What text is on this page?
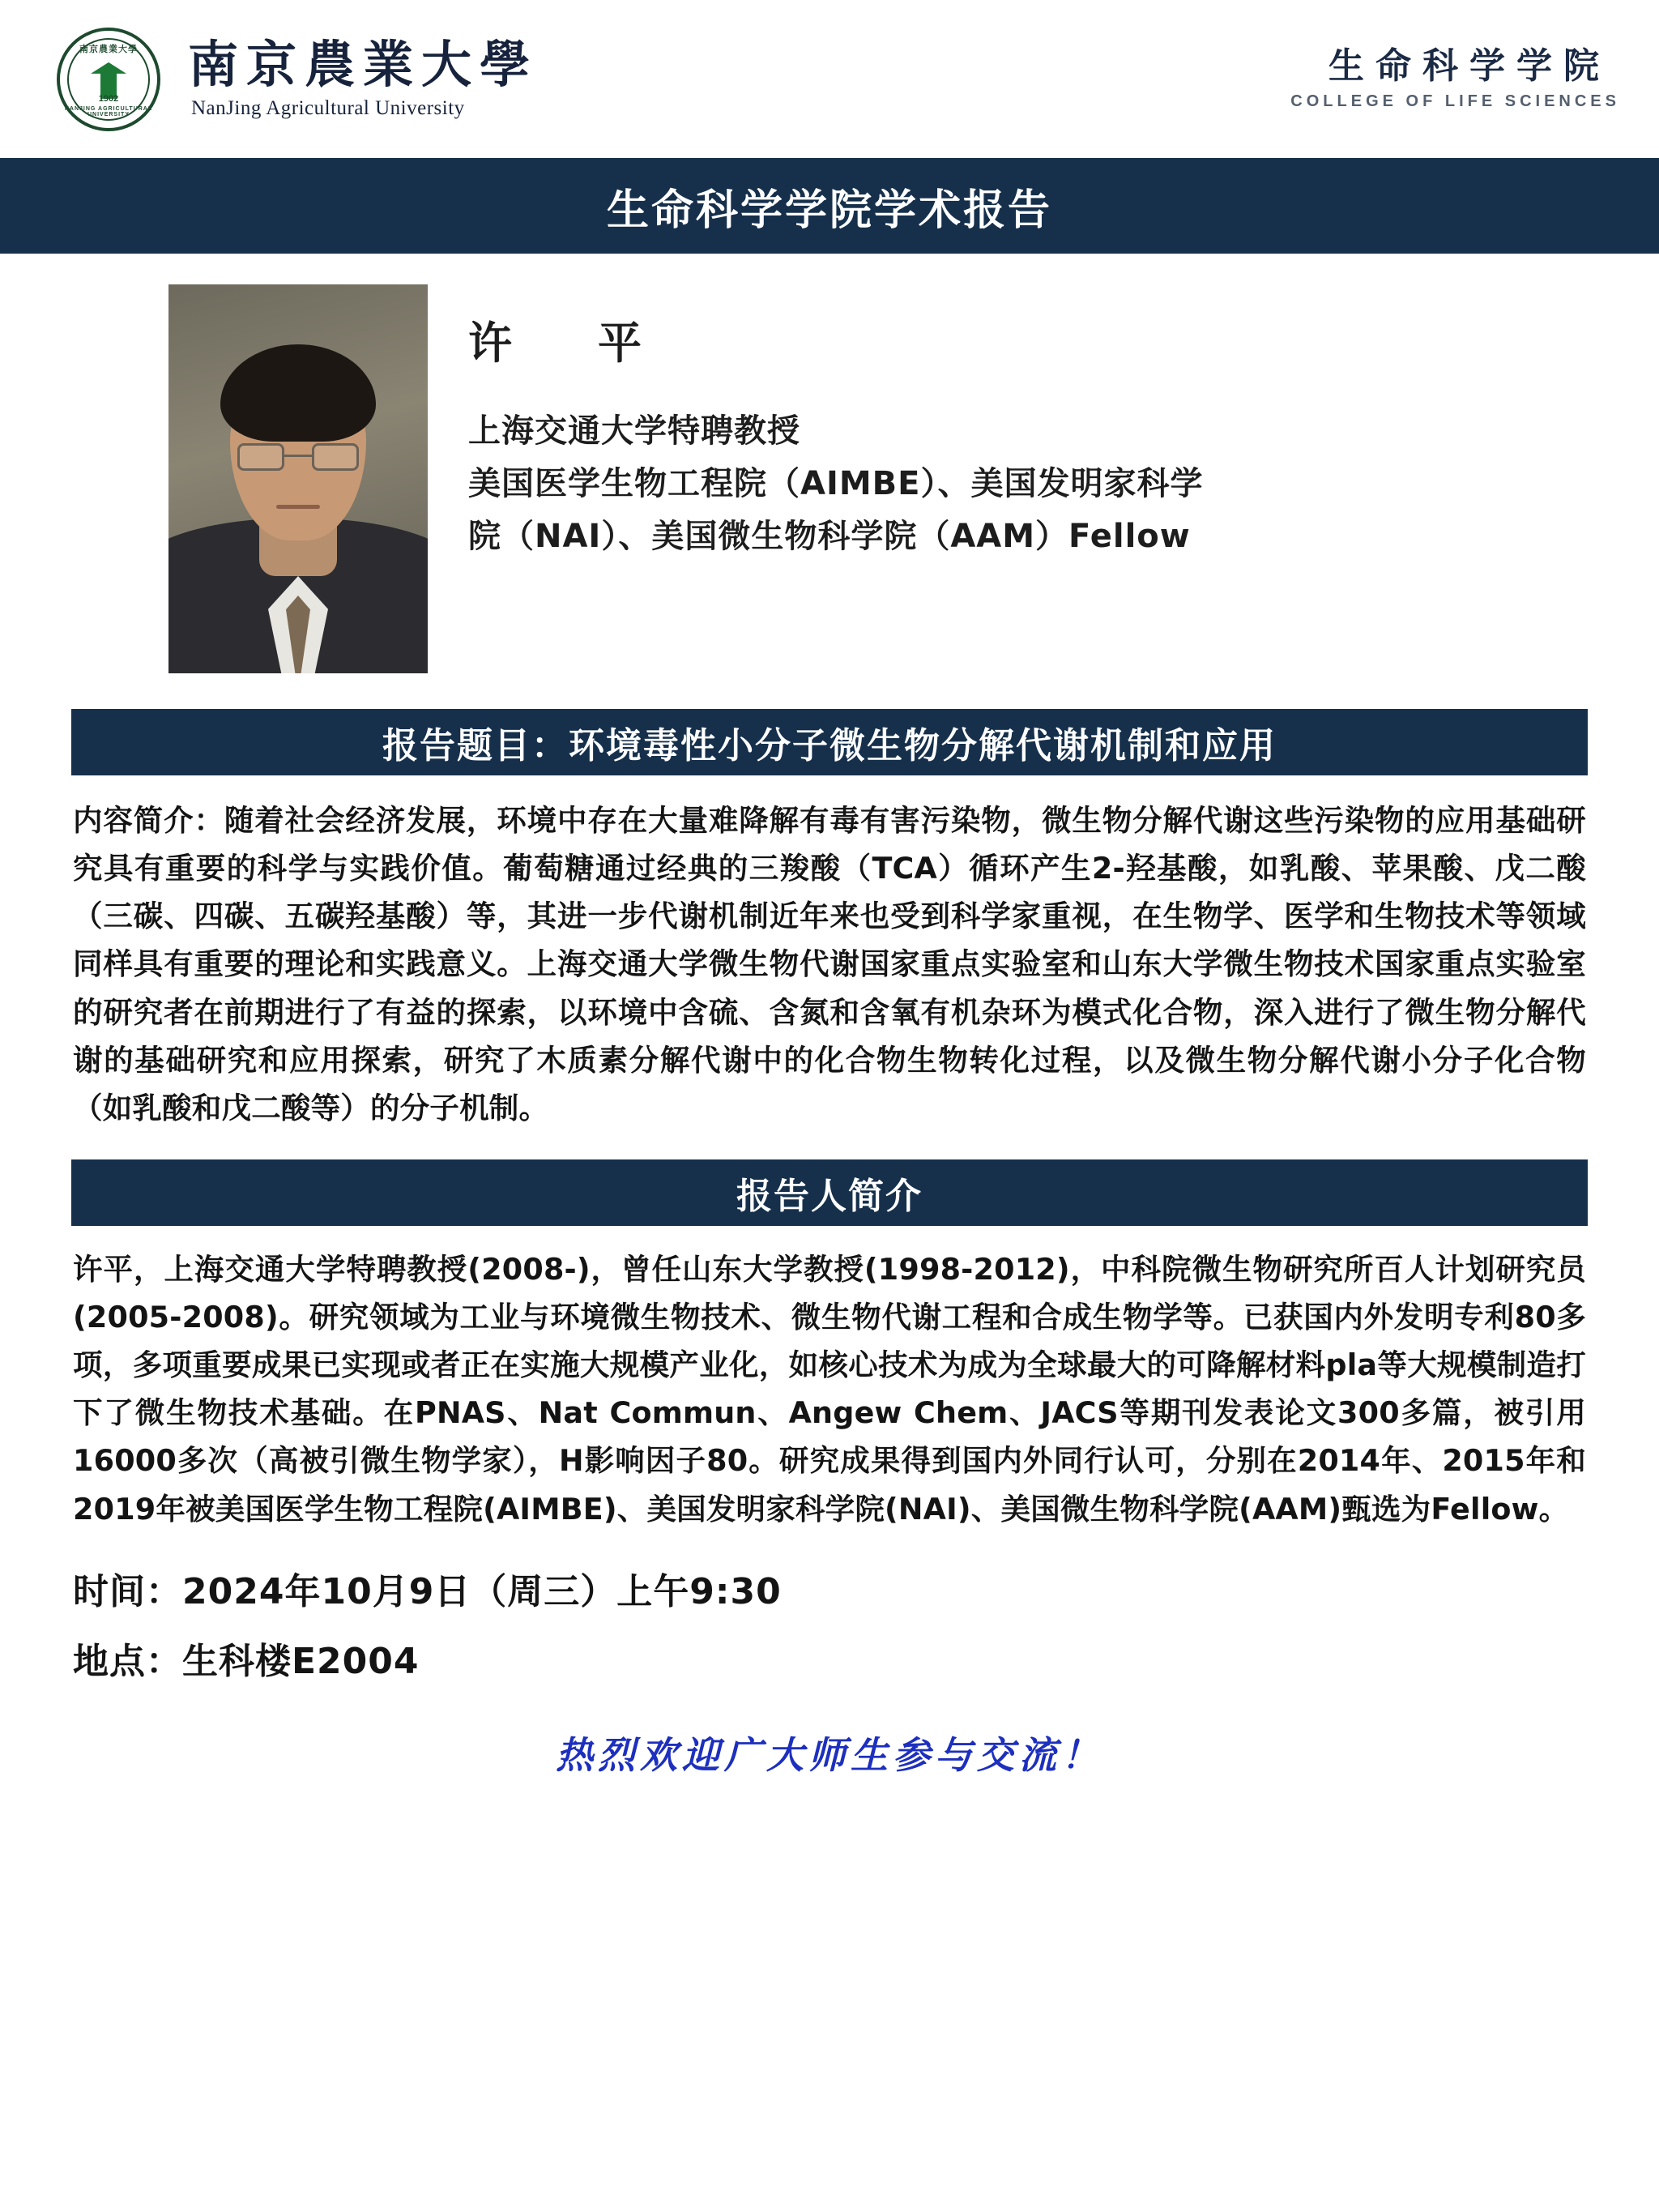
南京農業大學
1902
NANJING AGRICULTURAL UNIVERSITY
南京農業大學
NanJing Agricultural University
生命科学学院
COLLEGE OF LIFE SCIENCES
生命科学学院学术报告
许　平
上海交通大学特聘教授
美国医学生物工程院（AIMBE）、美国发明家科学
院（NAI）、美国微生物科学院（AAM）Fellow
报告题目：环境毒性小分子微生物分解代谢机制和应用
内容简介：随着社会经济发展，环境中存在大量难降解有毒有害污染物，微生物分解代谢这些污染物的应用基础研究具有重要的科学与实践价值。葡萄糖通过经典的三羧酸（TCA）循环产生2-羟基酸，如乳酸、苹果酸、戊二酸（三碳、四碳、五碳羟基酸）等，其进一步代谢机制近年来也受到科学家重视，在生物学、医学和生物技术等领域同样具有重要的理论和实践意义。上海交通大学微生物代谢国家重点实验室和山东大学微生物技术国家重点实验室的研究者在前期进行了有益的探索，以环境中含硫、含氮和含氧有机杂环为模式化合物，深入进行了微生物分解代谢的基础研究和应用探索，研究了木质素分解代谢中的化合物生物转化过程，以及微生物分解代谢小分子化合物（如乳酸和戊二酸等）的分子机制。
报告人简介
许平，上海交通大学特聘教授(2008-)，曾任山东大学教授(1998-2012)，中科院微生物研究所百人计划研究员(2005-2008)。研究领域为工业与环境微生物技术、微生物代谢工程和合成生物学等。已获国内外发明专利80多项，多项重要成果已实现或者正在实施大规模产业化，如核心技术为成为全球最大的可降解材料pla等大规模制造打下了微生物技术基础。在PNAS、Nat Commun、Angew Chem、JACS等期刊发表论文300多篇，被引用16000多次（高被引微生物学家），H影响因子80。研究成果得到国内外同行认可，分别在2014年、2015年和2019年被美国医学生物工程院(AIMBE)、美国发明家科学院(NAI)、美国微生物科学院(AAM)甄选为Fellow。
时间：2024年10月9日（周三）上午9:30
地点：生科楼E2004
热烈欢迎广大师生参与交流！
